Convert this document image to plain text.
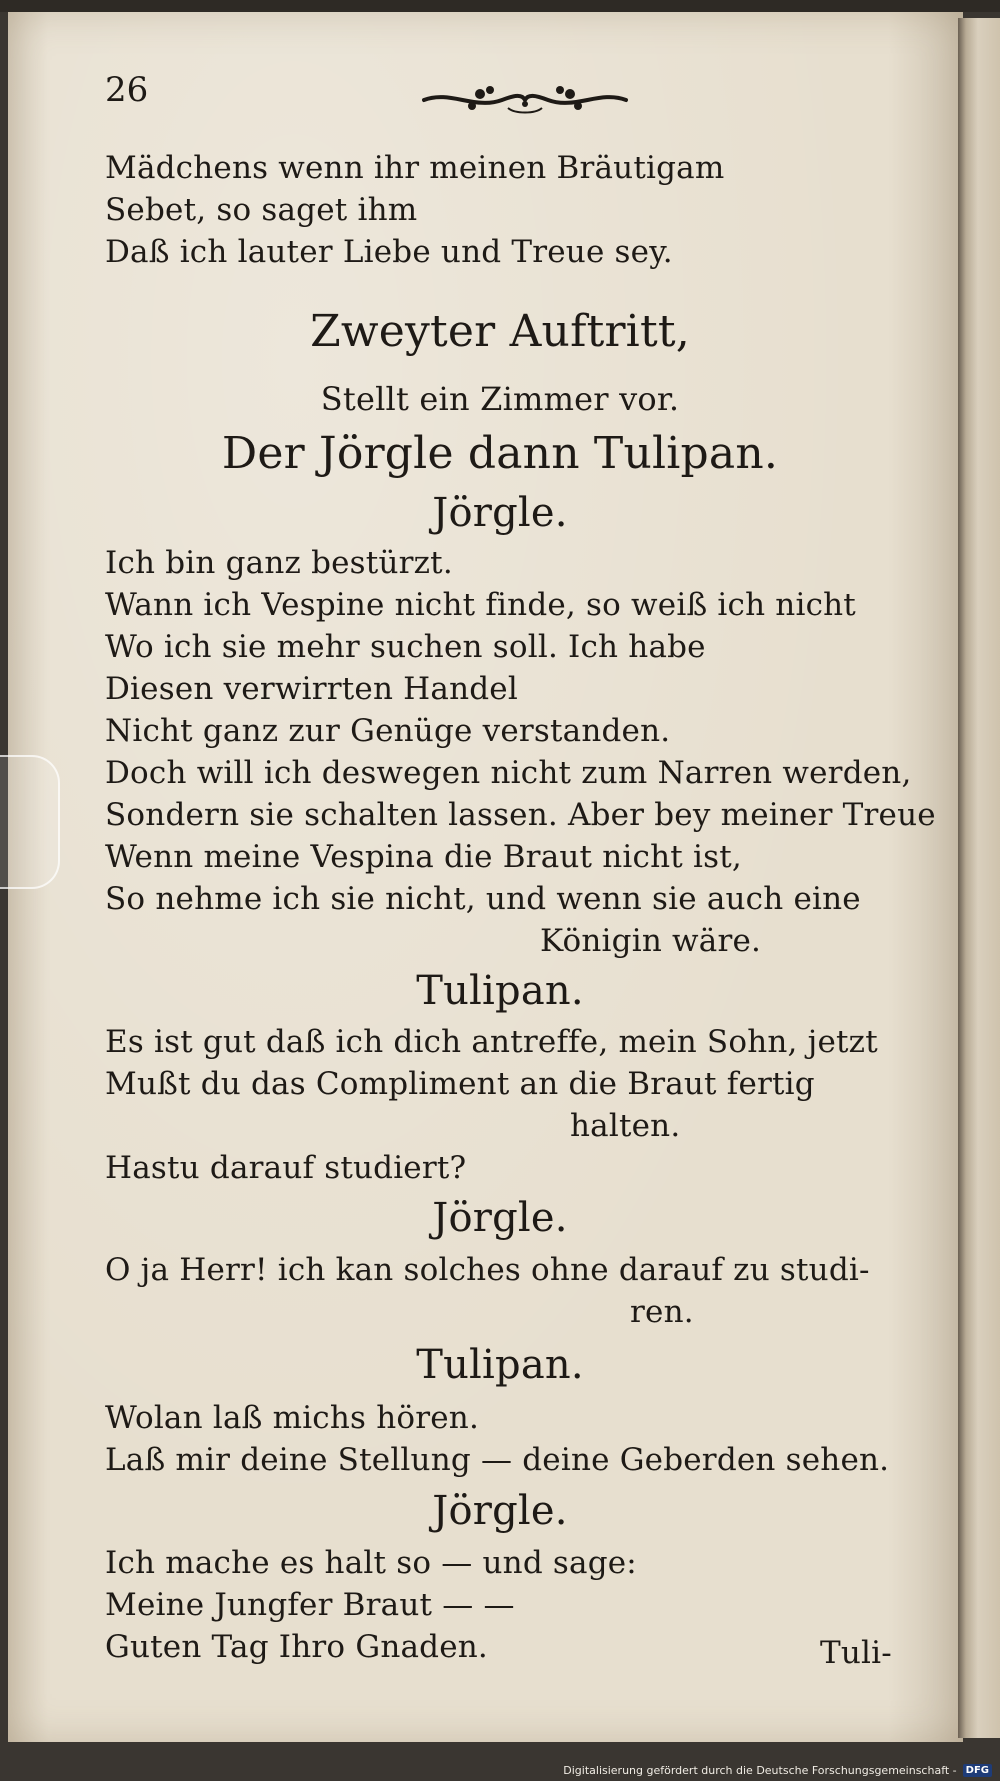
26
Mädchens wenn ihr meinen Bräutigam
Sebet, so saget ihm
Daß ich lauter Liebe und Treue sey.
Zweyter Auftritt,
Stellt ein Zimmer vor.
Der Jörgle dann Tulipan.
Jörgle.
Ich bin ganz bestürzt.
Wann ich Vespine nicht finde, so weiß ich nicht
Wo ich sie mehr suchen soll. Ich habe
Diesen verwirrten Handel
Nicht ganz zur Genüge verstanden.
Doch will ich deswegen nicht zum Narren werden,
Sondern sie schalten lassen. Aber bey meiner Treue
Wenn meine Vespina die Braut nicht ist,
So nehme ich sie nicht, und wenn sie auch eine
Königin wäre.
Tulipan.
Es ist gut daß ich dich antreffe, mein Sohn, jetzt
Mußt du das Compliment an die Braut fertig
halten.
Hastu darauf studiert?
Jörgle.
O ja Herr! ich kan solches ohne darauf zu studi-
ren.
Tulipan.
Wolan laß michs hören.
Laß mir deine Stellung — deine Geberden sehen.
Jörgle.
Ich mache es halt so — und sage:
Meine Jungfer Braut — —
Guten Tag Ihro Gnaden.	Tuli-
Digitalisierung gefördert durch die Deutsche Forschungsgemeinschaft - DFG
